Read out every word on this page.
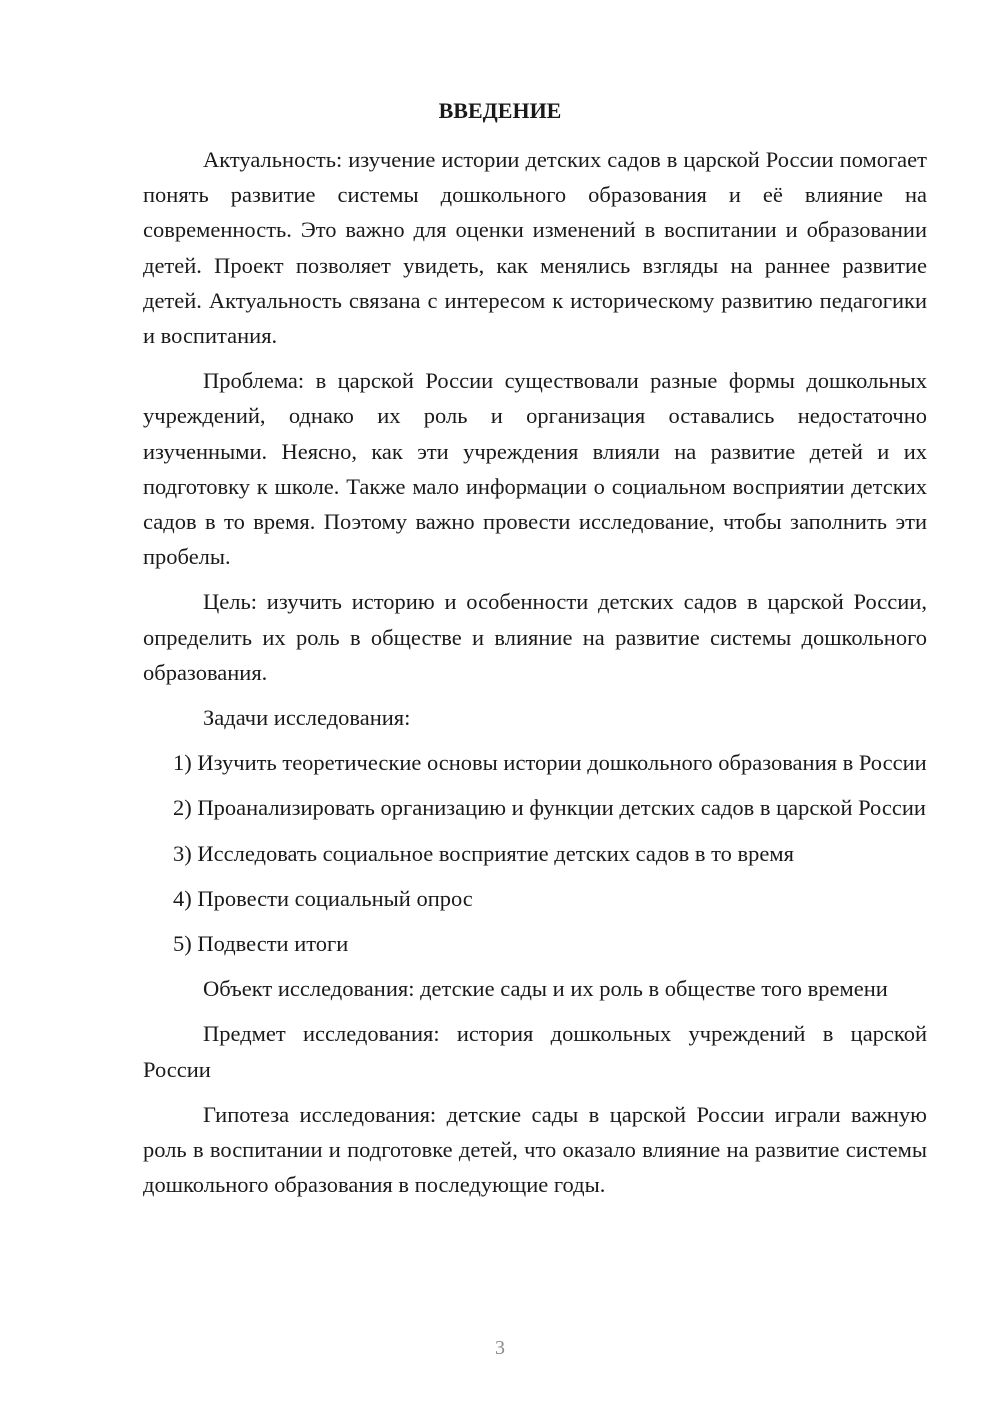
ВВЕДЕНИЕ

Актуальность: изучение истории детских садов в царской России помогает понять развитие системы дошкольного образования и её влияние на современность. Это важно для оценки изменений в воспитании и образовании детей. Проект позволяет увидеть, как менялись взгляды на раннее развитие детей. Актуальность связана с интересом к историческому развитию педагогики и воспитания.

Проблема: в царской России существовали разные формы дошкольных учреждений, однако их роль и организация оставались недостаточно изученными. Неясно, как эти учреждения влияли на развитие детей и их подготовку к школе. Также мало информации о социальном восприятии детских садов в то время. Поэтому важно провести исследование, чтобы заполнить эти пробелы.

Цель: изучить историю и особенности детских садов в царской России, определить их роль в обществе и влияние на развитие системы дошкольного образования.

Задачи исследования:

1) Изучить теоретические основы истории дошкольного образования в России

2) Проанализировать организацию и функции детских садов в царской России

3) Исследовать социальное восприятие детских садов в то время

4) Провести социальный опрос

5) Подвести итоги

Объект исследования: детские сады и их роль в обществе того времени

Предмет исследования: история дошкольных учреждений в царской России

Гипотеза исследования: детские сады в царской России играли важную роль в воспитании и подготовке детей, что оказало влияние на развитие системы дошкольного образования в последующие годы.

3
